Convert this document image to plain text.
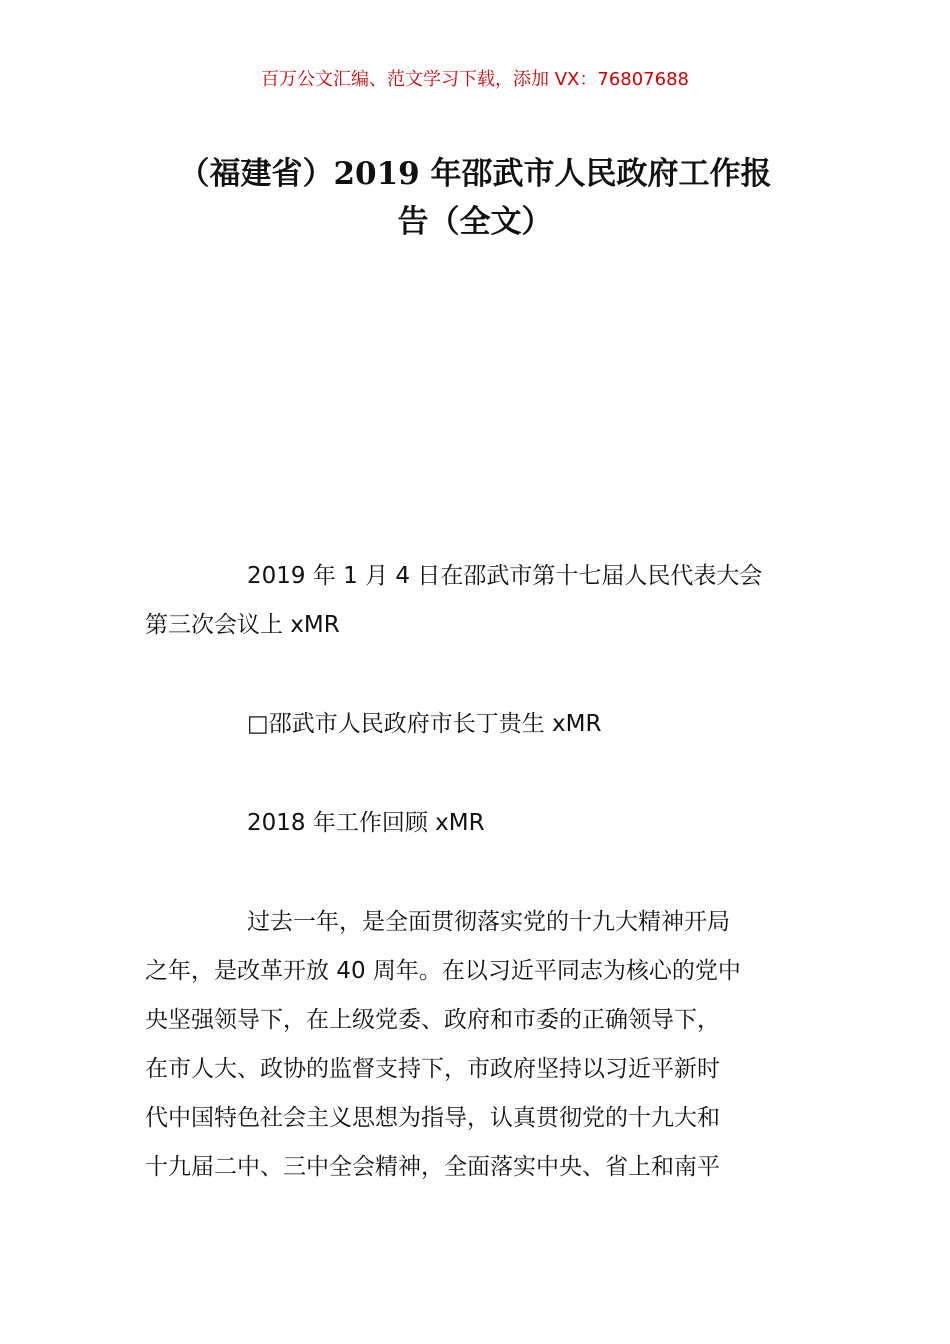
百万公文汇编、范文学习下载，添加 VX：76807688
（福建省）2019 年邵武市人民政府工作报
告（全文）
2019 年 1 月 4 日在邵武市第十七届人民代表大会
第三次会议上 xMR
□邵武市人民政府市长丁贵生 xMR
2018 年工作回顾 xMR
过去一年，是全面贯彻落实党的十九大精神开局
之年，是改革开放 40 周年。在以习近平同志为核心的党中
央坚强领导下，在上级党委、政府和市委的正确领导下，
在市人大、政协的监督支持下，市政府坚持以习近平新时
代中国特色社会主义思想为指导，认真贯彻党的十九大和
十九届二中、三中全会精神，全面落实中央、省上和南平
